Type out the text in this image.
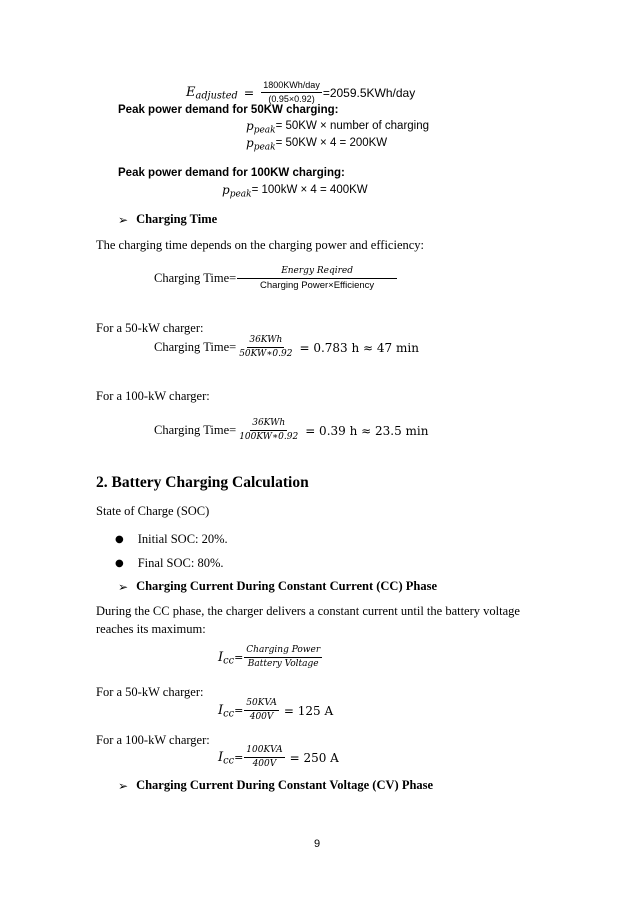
$E_{adjusted} = \frac{\text{1800KWh/day}}{(0.95\times 0.92)} =2059.5KWh/day$
Peak power demand for 50KW charging:
$p_{peak} = 50KW$ × number of charging
$p_{peak} = 50KW \times 4 = 200KW$
Peak power demand for 100KW charging:
$p_{peak} = 100kW \times 4 = 400KW$
➢ Charging Time
The charging time depends on the charging power and efficiency:
Charging Time= $\frac{\text{Energy Reqired}}{\text{Charging Power×Efficiency}}$
For a 50-kW charger:
Charging Time= $\frac{\text{36KWh}}{50KW∗0.92} = 0.783$ h ≈ 47 min
For a 100-kW charger:
Charging Time= $\frac{\text{36KWh}}{100KW∗0.92} = 0.39$ h ≈ 23.5 min
2. Battery Charging Calculation
State of Charge (SOC)
● Initial SOC: 20%.
● Final SOC: 80%.
➢ Charging Current During Constant Current (CC) Phase
During the CC phase, the charger delivers a constant current until the battery voltage
reaches its maximum:
$I_{cc} = \frac{\text{Charging Power}}{\text{Battery Voltage}}$
For a 50-kW charger:
$I_{cc} = \frac{\text{50KVA}}{400V} = 125$ A
For a 100-kW charger:
$I_{cc} = \frac{\text{100KVA}}{400V} = 250$ A
➢ Charging Current During Constant Voltage (CV) Phase
9
